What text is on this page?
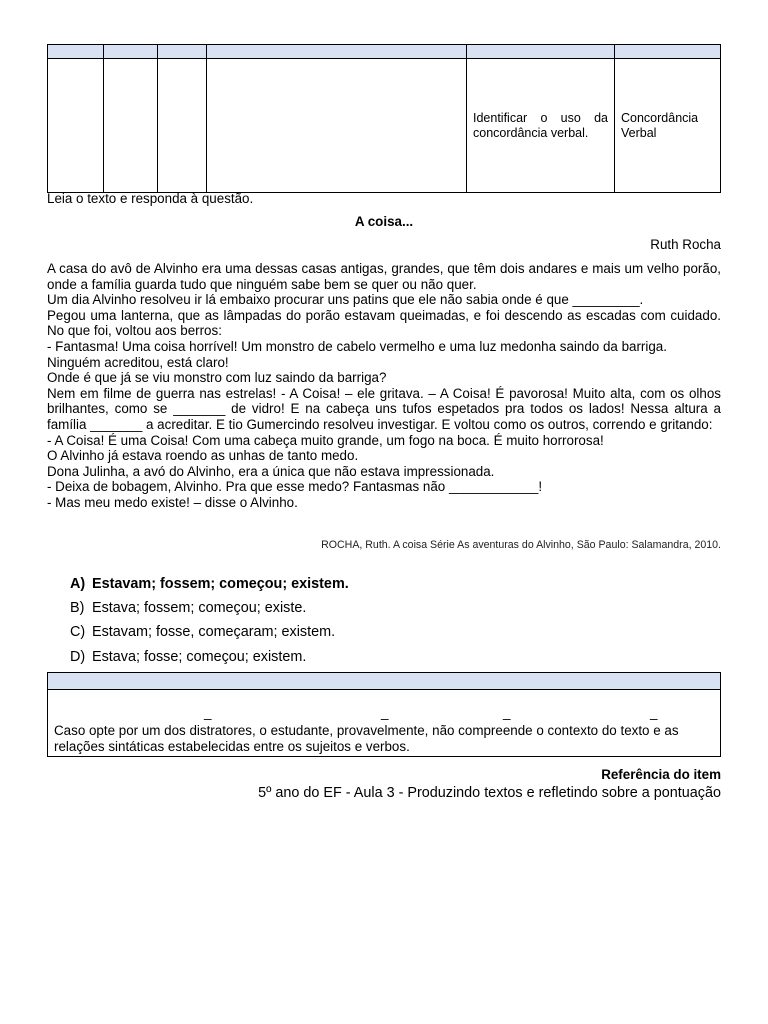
				Identificar o uso da concordância verbal.	Concordância Verbal
Leia o texto e responda à questão.
A coisa...
Ruth Rocha

A casa do avô de Alvinho era uma dessas casas antigas, grandes, que têm dois andares e mais um velho porão, onde a família guarda tudo que ninguém sabe bem se quer ou não quer.

Um dia Alvinho resolveu ir lá embaixo procurar uns patins que ele não sabia onde é que _________.

Pegou uma lanterna, que as lâmpadas do porão estavam queimadas, e foi descendo as escadas com cuidado. No que foi, voltou aos berros:

- Fantasma! Uma coisa horrível! Um monstro de cabelo vermelho e uma luz medonha saindo da barriga.

Ninguém acreditou, está claro!

Onde é que já se viu monstro com luz saindo da barriga?

Nem em filme de guerra nas estrelas! - A Coisa! – ele gritava. – A Coisa! É pavorosa! Muito alta, com os olhos brilhantes, como se _______ de vidro! E na cabeça uns tufos espetados pra todos os lados! Nessa altura a família _______ a acreditar. E tio Gumercindo resolveu investigar. E voltou como os outros, correndo e gritando:

- A Coisa! É uma Coisa! Com uma cabeça muito grande, um fogo na boca. É muito horrorosa!

O Alvinho já estava roendo as unhas de tanto medo.

Dona Julinha, a avó do Alvinho, era a única que não estava impressionada.

- Deixa de bobagem, Alvinho. Pra que esse medo? Fantasmas não ____________!

- Mas meu medo existe! – disse o Alvinho.

ROCHA, Ruth. A coisa Série As aventuras do Alvinho, São Paulo: Salamandra, 2010.
A) Estavam; fossem; começou; existem.
B) Estava; fossem; começou; existe.
C) Estavam; fosse, começaram; existem.
D) Estava; fosse; começou; existem.

_	_	_	_
Caso opte por um dos distratores, o estudante, provavelmente, não compreende o contexto do texto e as relações sintáticas estabelecidas entre os sujeitos e verbos.
Referência do item
5º ano do EF - Aula 3 - Produzindo textos e refletindo sobre a pontuação
